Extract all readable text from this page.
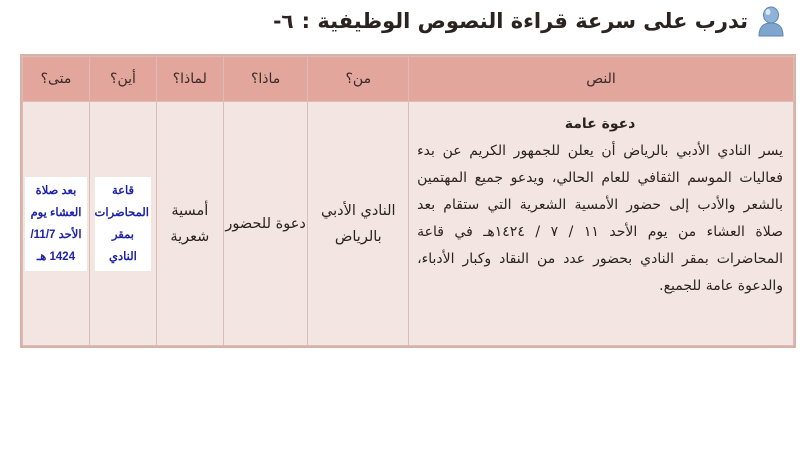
٦- تدرب على سرعة قراءة النصوص الوظيفية :
النص	من؟	ماذا؟	لماذا؟	أين؟	متى؟

دعوة عامة
يسر النادي الأدبي بالرياض أن يعلن للجمهور الكريم عن بدء فعاليات الموسم الثقافي للعام الحالي، ويدعو جميع المهتمين بالشعر والأدب إلى حضور الأمسية الشعرية التي ستقام بعد صلاة العشاء من يوم الأحد ١١ / ٧ / ١٤٢٤هـ في قاعة المحاضرات بمقر النادي بحضور عدد من النقاد وكبار الأدباء، والدعوة عامة للجميع.	النادي الأدبي بالرياض	دعوة للحضور	أمسية شعرية	قاعة المحاضرات بمقر النادي	بعد صلاة العشاء يوم الأحد 11/7/ 1424 هـ
